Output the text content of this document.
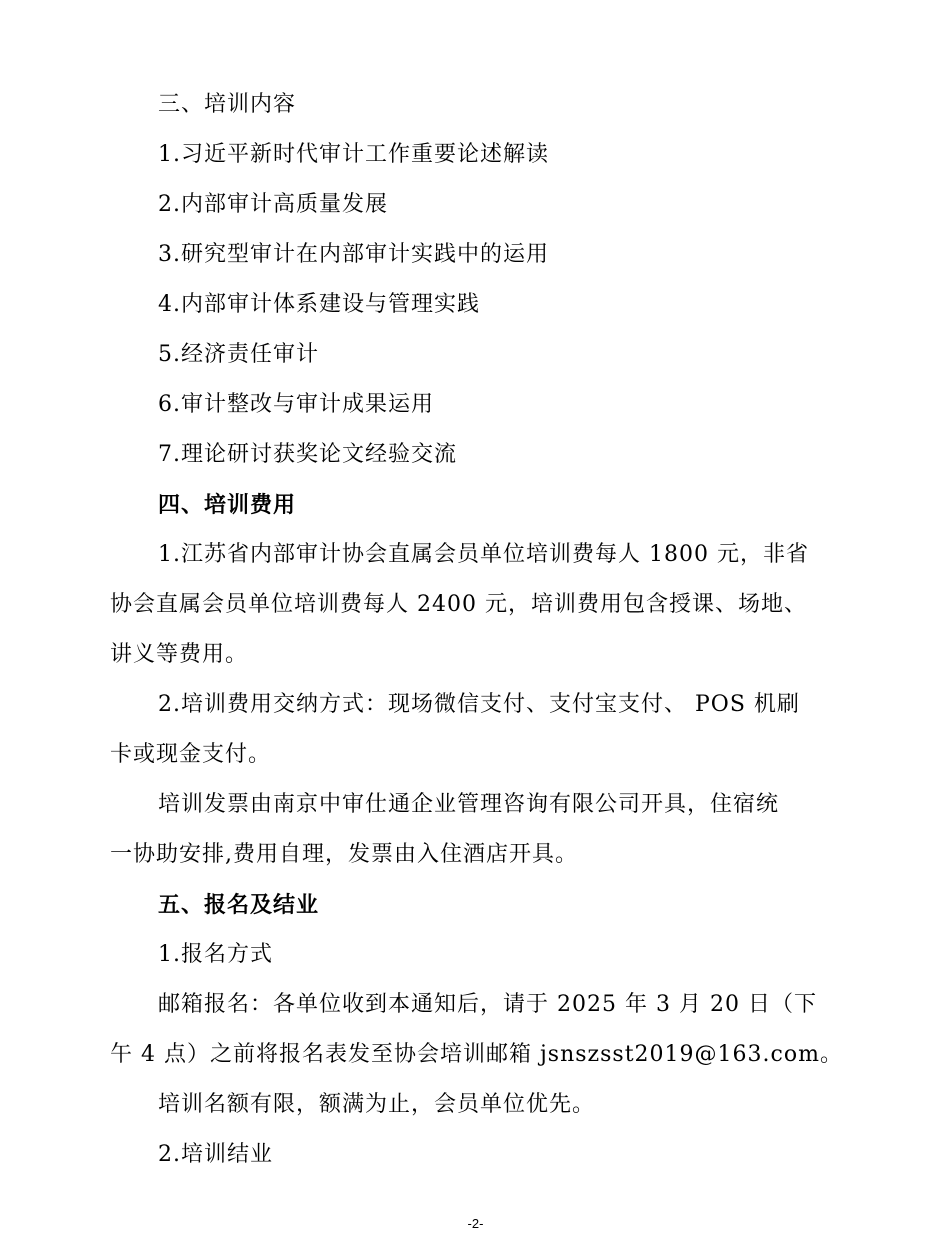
三、培训内容
1.习近平新时代审计工作重要论述解读
2.内部审计高质量发展
3.研究型审计在内部审计实践中的运用
4.内部审计体系建设与管理实践
5.经济责任审计
6.审计整改与审计成果运用
7.理论研讨获奖论文经验交流
四、培训费用
1.江苏省内部审计协会直属会员单位培训费每人 1800 元，非省
协会直属会员单位培训费每人 2400 元，培训费用包含授课、场地、
讲义等费用。
2.培训费用交纳方式：现场微信支付、支付宝支付、 POS 机刷
卡或现金支付。
培训发票由南京中审仕通企业管理咨询有限公司开具，住宿统
一协助安排,费用自理，发票由入住酒店开具。
五、报名及结业
1.报名方式
邮箱报名：各单位收到本通知后，请于 2025 年 3 月 20 日（下
午 4 点）之前将报名表发至协会培训邮箱 jsnszsst2019@163.com。
培训名额有限，额满为止，会员单位优先。
2.培训结业
-2-
